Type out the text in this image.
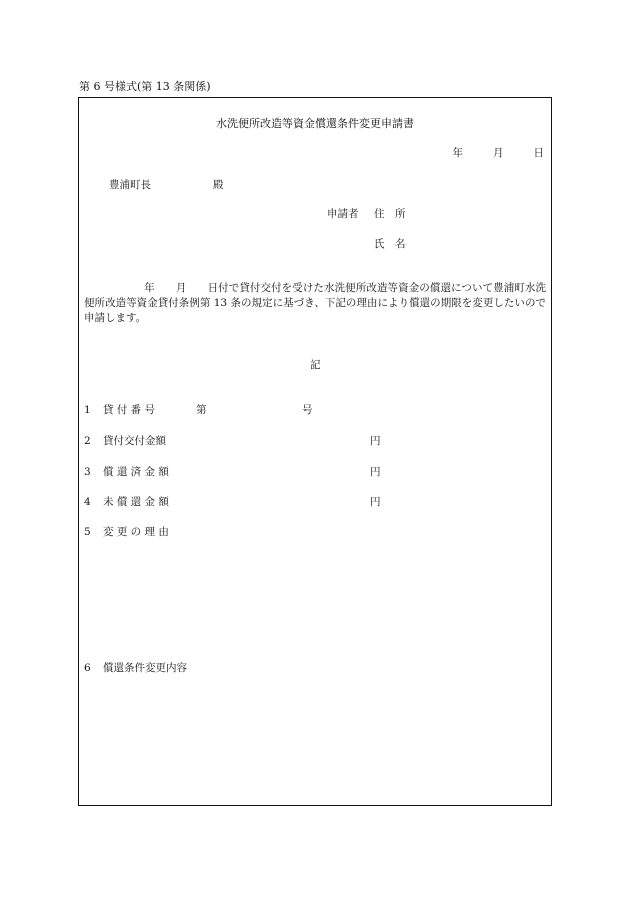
第 6 号様式(第 13 条関係)
水洗便所改造等資金償還条件変更申請書
年	月	日
豊浦町長	殿
申請者 住　所
氏　名
年　　月　　日付で貸付交付を受けた水洗便所改造等資金の償還について豊浦町水洗便所改造等資金貸付条例第 13 条の規定に基づき、下記の理由により償還の期限を変更したいので申請します。
記
1 貸 付 番 号	第	号
2 貸付交付金額	円
3 償 還 済 金 額	円
4 未 償 還 金 額	円
5 変 更 の 理 由
6 償還条件変更内容
